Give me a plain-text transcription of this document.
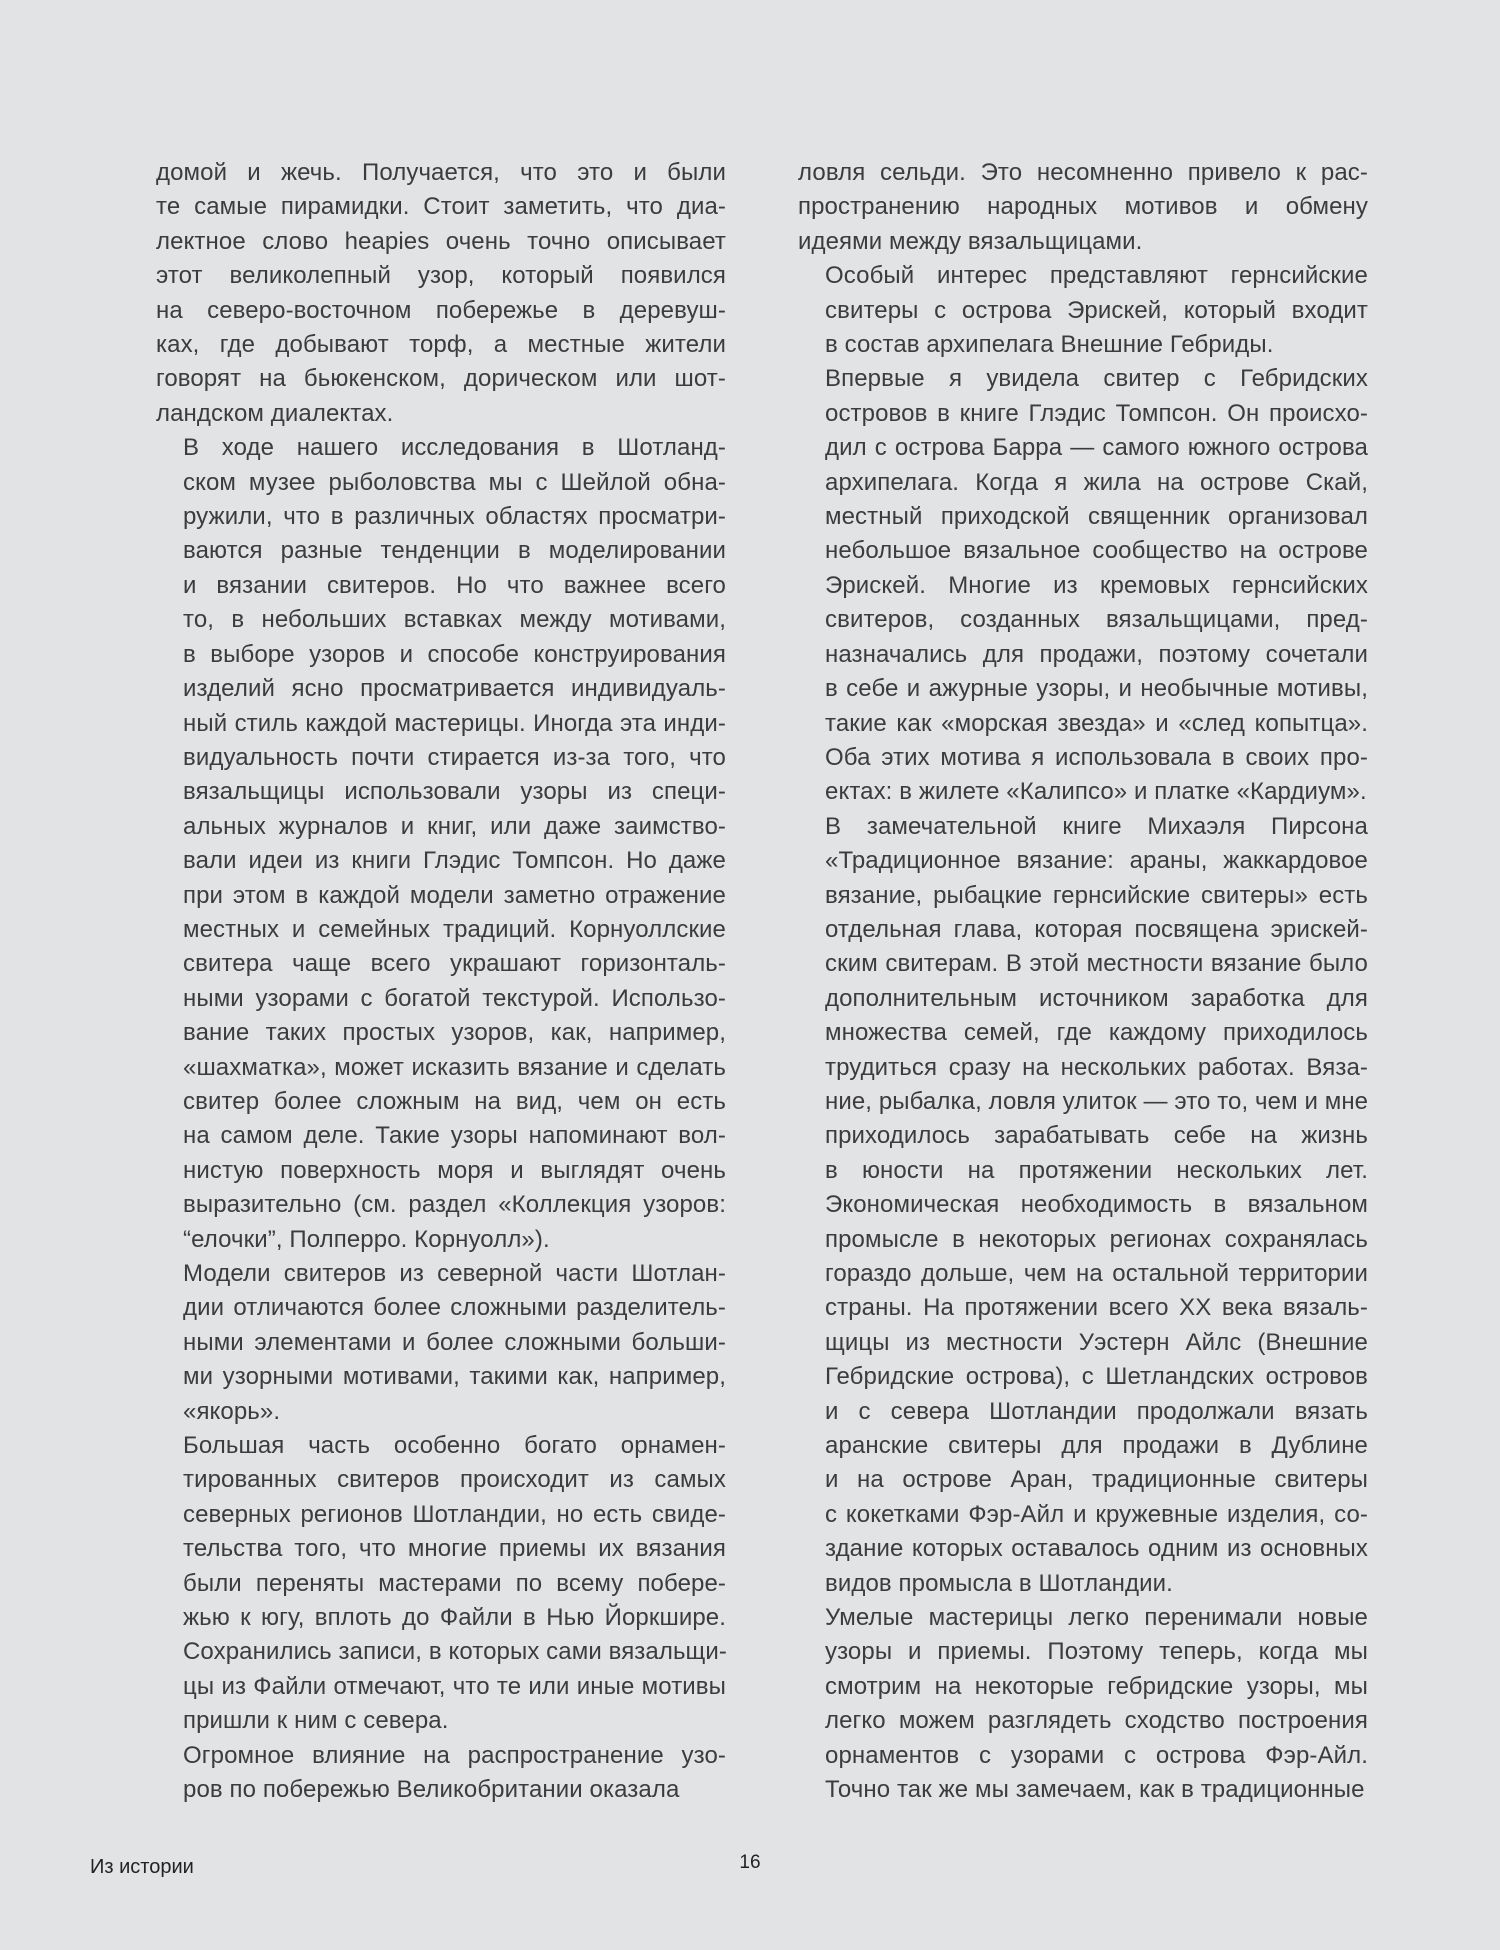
домой и жечь. Получается, что это и были
те самые пирамидки. Стоит заметить, что диа-
лектное слово heapies очень точно описывает
этот великолепный узор, который появился
на северо-восточном побережье в деревуш-
ках, где добывают торф, а местные жители
говорят на бьюкенском, дорическом или шот-
ландском диалектах.

В ходе нашего исследования в Шотланд-
ском музее рыболовства мы с Шейлой обна-
ружили, что в различных областях просматри-
ваются разные тенденции в моделировании
и вязании свитеров. Но что важнее всего
то, в небольших вставках между мотивами,
в выборе узоров и способе конструирования
изделий ясно просматривается индивидуаль-
ный стиль каждой мастерицы. Иногда эта инди-
видуальность почти стирается из-за того, что
вязальщицы использовали узоры из специ-
альных журналов и книг, или даже заимство-
вали идеи из книги Глэдис Томпсон. Но даже
при этом в каждой модели заметно отражение
местных и семейных традиций. Корнуоллские
свитера чаще всего украшают горизонталь-
ными узорами с богатой текстурой. Использо-
вание таких простых узоров, как, например,
«шахматка», может исказить вязание и сделать
свитер более сложным на вид, чем он есть
на самом деле. Такие узоры напоминают вол-
нистую поверхность моря и выглядят очень
выразительно (см. раздел «Коллекция узоров:
“елочки”, Полперро. Корнуолл»).

Модели свитеров из северной части Шотлан-
дии отличаются более сложными разделитель-
ными элементами и более сложными больши-
ми узорными мотивами, такими как, например,
«якорь».

Большая часть особенно богато орнамен-
тированных свитеров происходит из самых
северных регионов Шотландии, но есть свиде-
тельства того, что многие приемы их вязания
были переняты мастерами по всему побере-
жью к югу, вплоть до Файли в Нью Йоркшире.
Сохранились записи, в которых сами вязальщи-
цы из Файли отмечают, что те или иные мотивы
пришли к ним с севера.

Огромное влияние на распространение узо-
ров по побережью Великобритании оказала

ловля сельди. Это несомненно привело к рас-
пространению народных мотивов и обмену
идеями между вязальщицами.

Особый интерес представляют гернсийские
свитеры с острова Эрискей, который входит
в состав архипелага Внешние Гебриды.

Впервые я увидела свитер с Гебридских
островов в книге Глэдис Томпсон. Он происхо-
дил с острова Барра — самого южного острова
архипелага. Когда я жила на острове Скай,
местный приходской священник организовал
небольшое вязальное сообщество на острове
Эрискей. Многие из кремовых гернсийских
свитеров, созданных вязальщицами, пред-
назначались для продажи, поэтому сочетали
в себе и ажурные узоры, и необычные мотивы,
такие как «морская звезда» и «след копытца».
Оба этих мотива я использовала в своих про-
ектах: в жилете «Калипсо» и платке «Кардиум».

В замечательной книге Михаэля Пирсона
«Традиционное вязание: араны, жаккардовое
вязание, рыбацкие гернсийские свитеры» есть
отдельная глава, которая посвящена эрискей-
ским свитерам. В этой местности вязание было
дополнительным источником заработка для
множества семей, где каждому приходилось
трудиться сразу на нескольких работах. Вяза-
ние, рыбалка, ловля улиток — это то, чем и мне
приходилось зарабатывать себе на жизнь
в юности на протяжении нескольких лет.
Экономическая необходимость в вязальном
промысле в некоторых регионах сохранялась
гораздо дольше, чем на остальной территории
страны. На протяжении всего XX века вязаль-
щицы из местности Уэстерн Айлс (Внешние
Гебридские острова), с Шетландских островов
и с севера Шотландии продолжали вязать
аранские свитеры для продажи в Дублине
и на острове Аран, традиционные свитеры
с кокетками Фэр-Айл и кружевные изделия, со-
здание которых оставалось одним из основных
видов промысла в Шотландии.

Умелые мастерицы легко перенимали новые
узоры и приемы. Поэтому теперь, когда мы
смотрим на некоторые гебридские узоры, мы
легко можем разглядеть сходство построения
орнаментов с узорами с острова Фэр-Айл.
Точно так же мы замечаем, как в традиционные

Из истории	16
